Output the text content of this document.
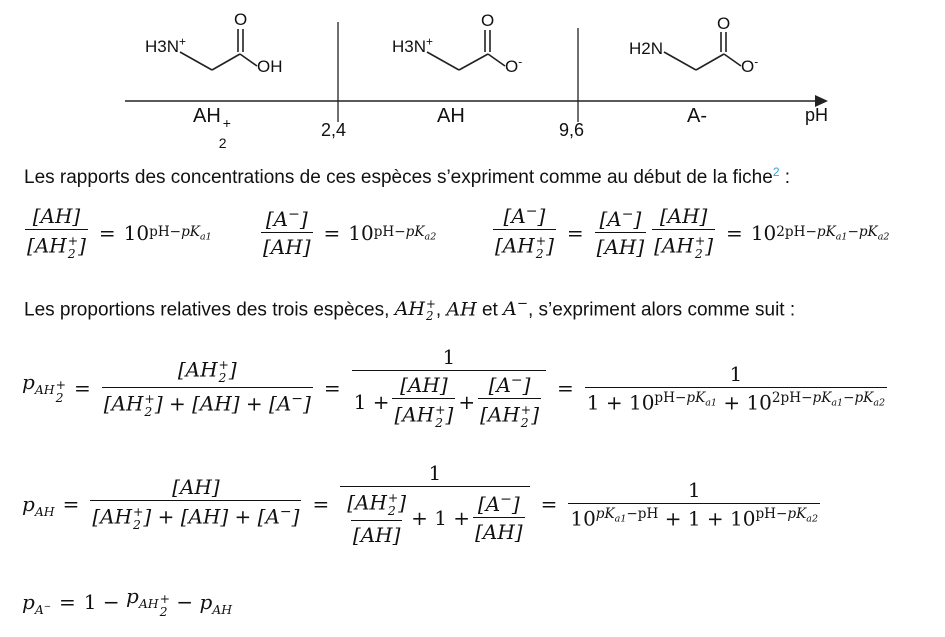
H3N+
O
OH
H3N+
O
O-
H2N
O
O-
AH +
2
AH	A-
2,4	9,6
pH
Les rapports des concentrations de ces espèces s’expriment comme au début de la fiche$^2$ :
[AH]
[AH +
2 ] = 10 $pH-pK_{a1} \frac{[A^-]}{[AH]} = 10$ $pH-pK_{a2}$	[A−]
[AH +
2 ] = $\frac{[A^-]}{[AH]} [AH]$
[AH +
2 ] = 10 $2pH-pK_{a1}-pK_{a2}$
Les proportions relatives des trois espèces, AH +
2 , AH et A−, s’expriment alors comme suit :
$p_{AH + 2} = [AH$ +
2 ]
[AH +
2 ] + [AH] + [A−] = 1
1 + [AH]
[AH +
2 ] + [A−]
[AH +
2 ] = $\frac{1}{1 + 10^{pH-pK_{a1}} + 10^{2pH-pK_{a1}-pK_{a2}}}$
$p_{AH} = [AH]$
[AH +
2 ] + [AH] + [A−] = 1
[AH +
2 ]
$[AH] + 1 + \frac{[A^-]}{[AH]} = \frac{1}{10^{pK_{a1}-pH} + 1 + 10^{pH-pK_{a2}}}$
$p_{A^-} = 1$ −
$p_{AH + 2}$
−
$p_{AH}$
